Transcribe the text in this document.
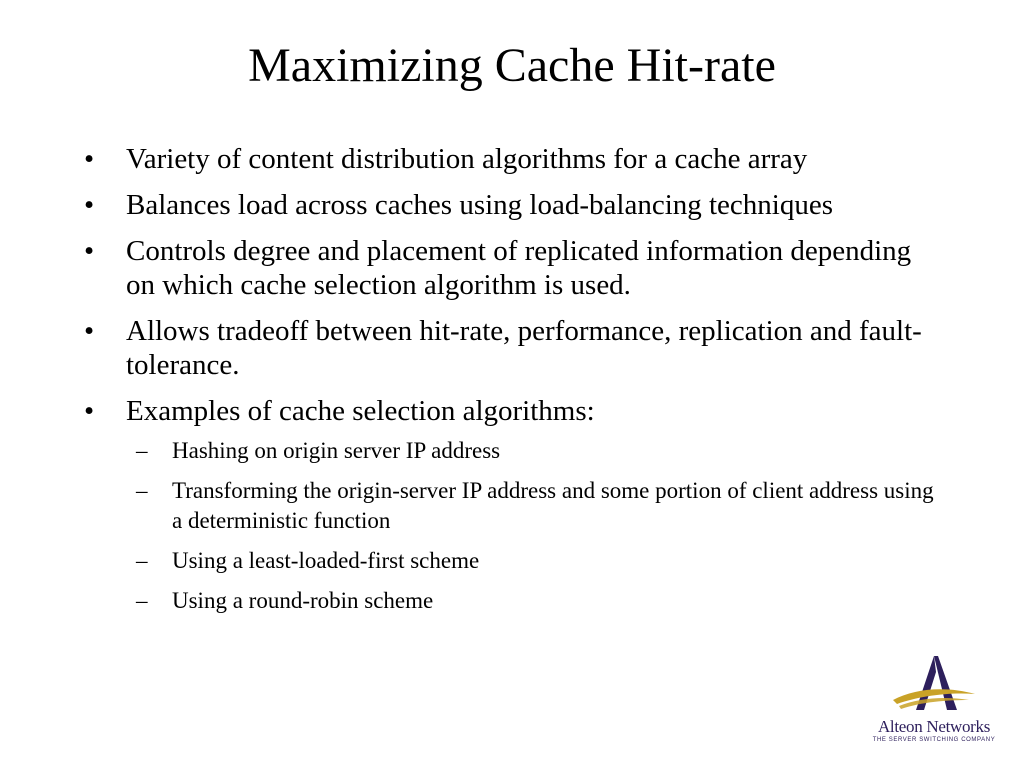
Maximizing Cache Hit-rate
• Variety of content distribution algorithms for a cache array
• Balances load across caches using load-balancing techniques
• Controls degree and placement of replicated information depending on which cache selection algorithm is used.
• Allows tradeoff between hit-rate, performance, replication and fault-tolerance.
• Examples of cache selection algorithms:
– Hashing on origin server IP address
– Transforming the origin-server IP address and some portion of client address using a deterministic function
– Using a least-loaded-first scheme
– Using a round-robin scheme
Alteon Networks
THE SERVER SWITCHING COMPANY
